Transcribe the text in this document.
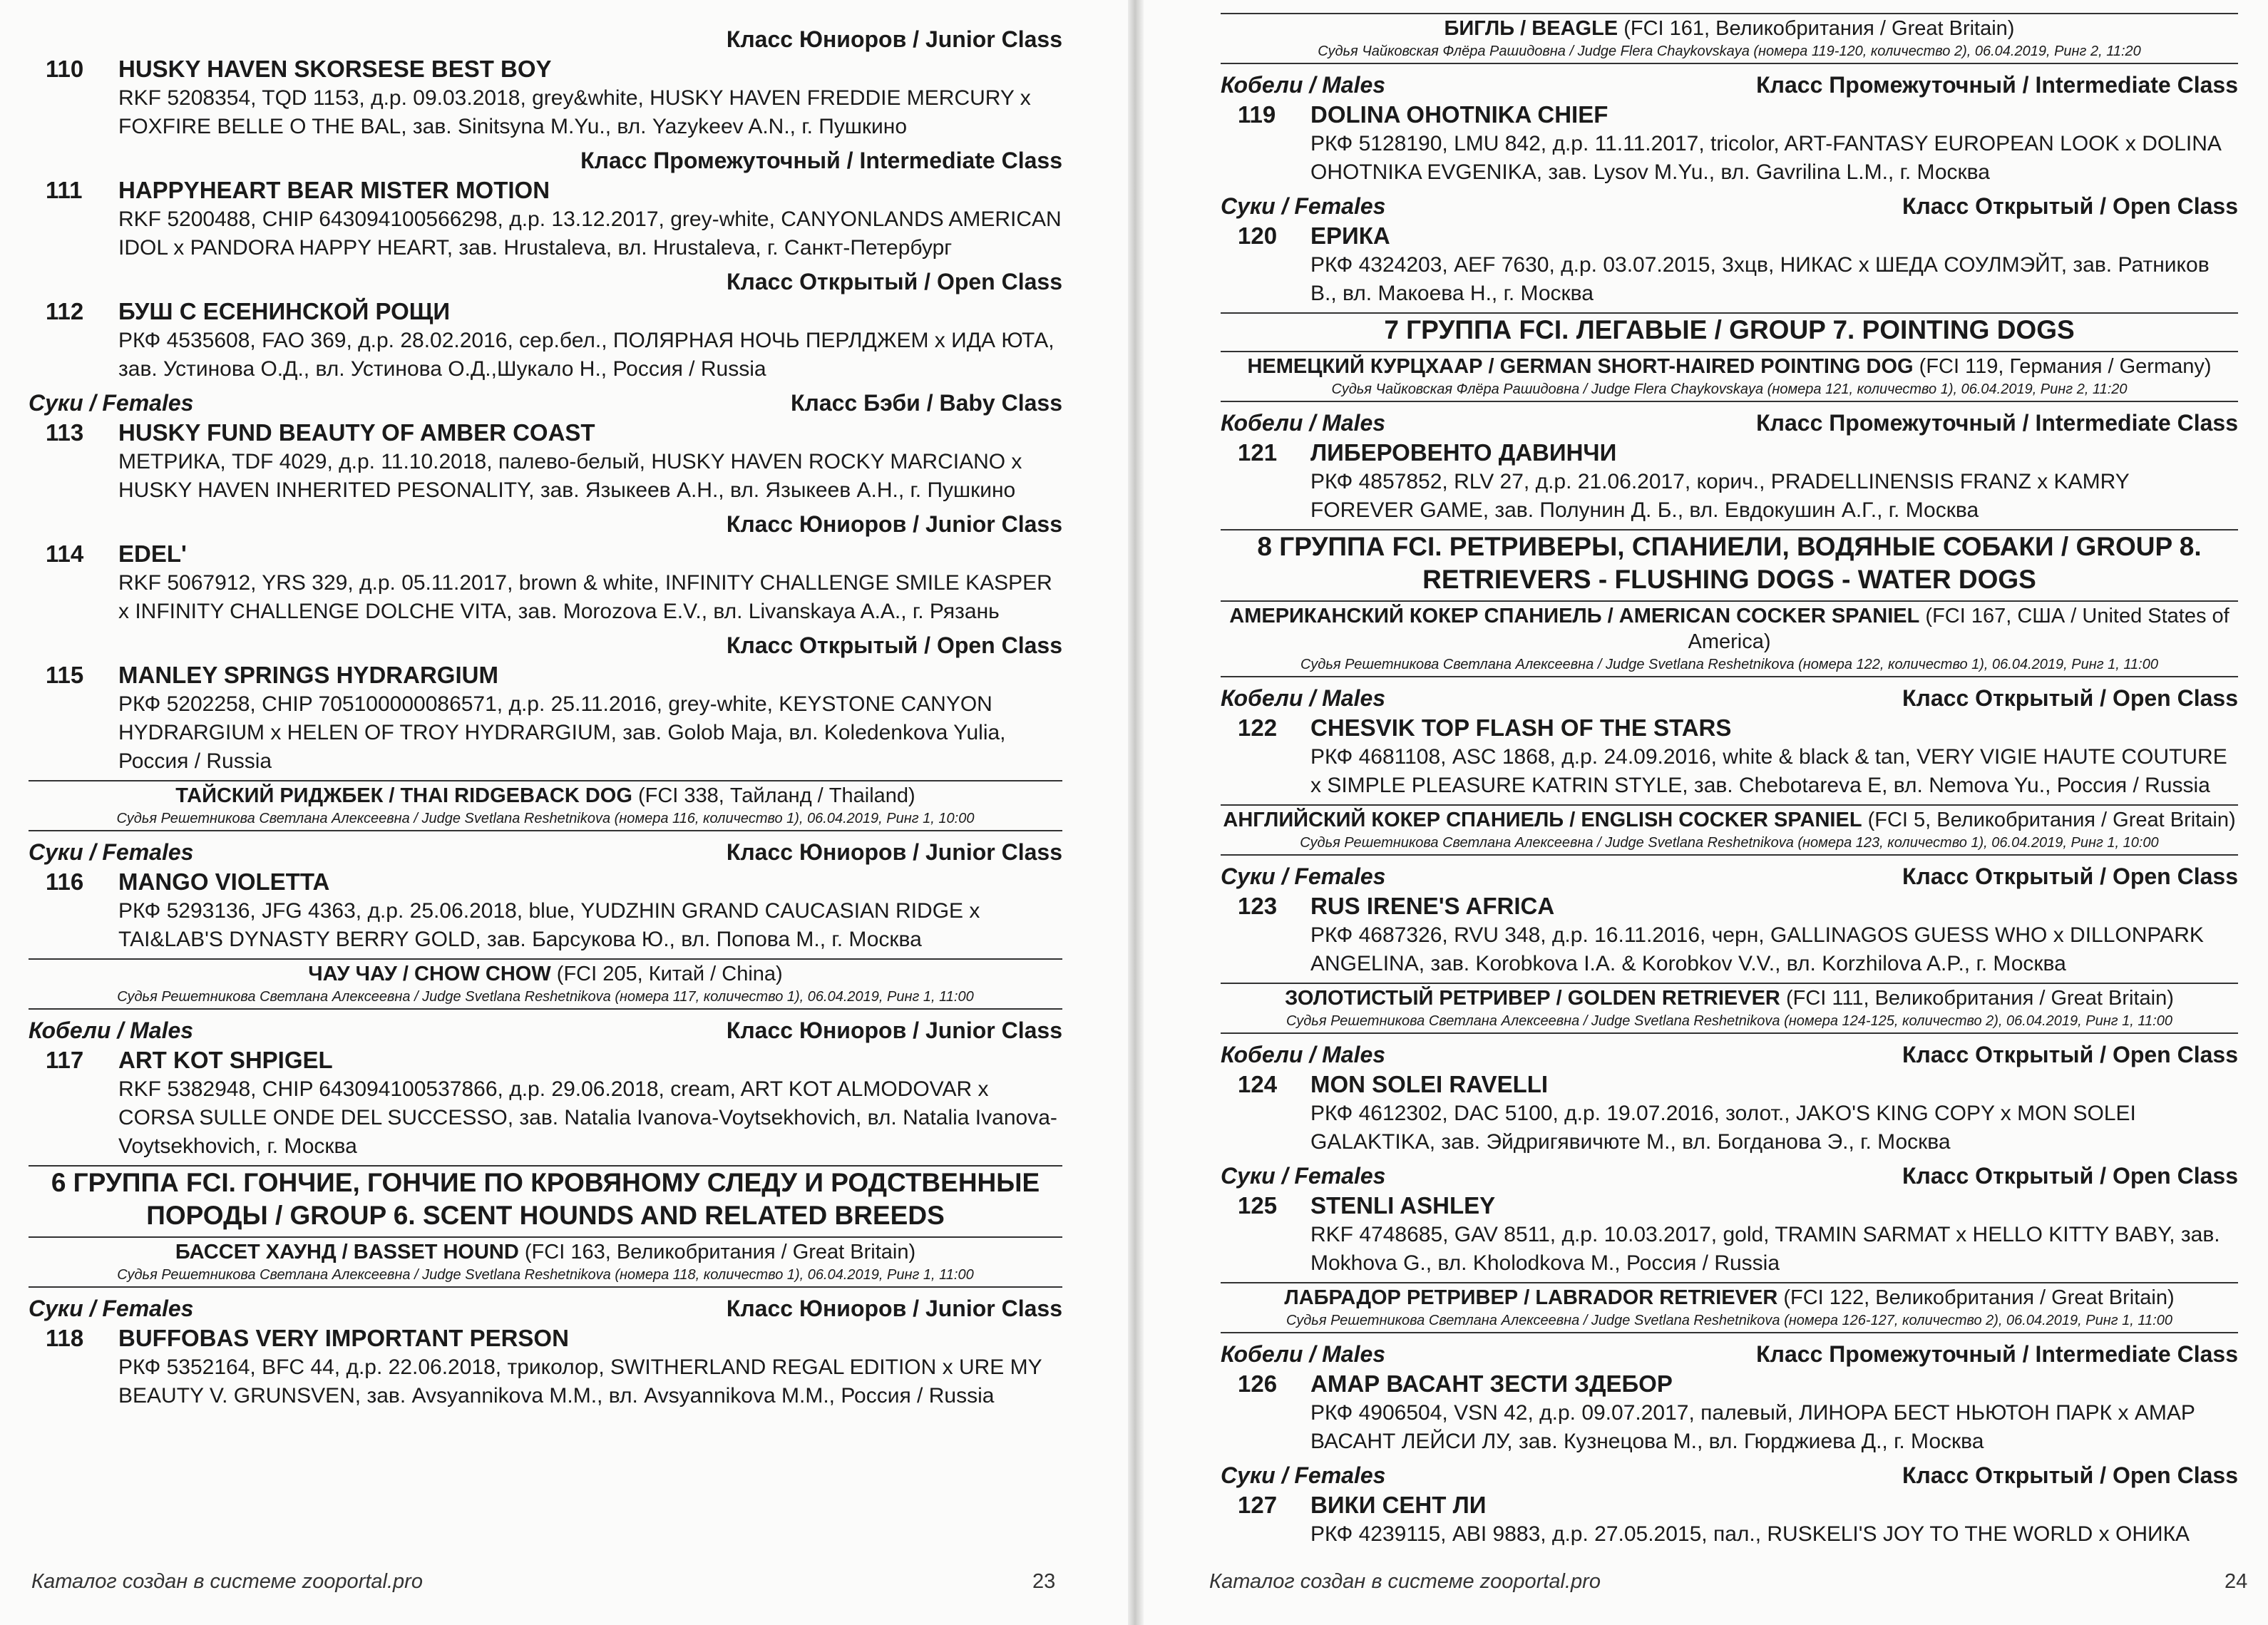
Класс Юниоров / Junior Class
110	HUSKY HAVEN SKORSESE BEST BOY
RKF 5208354, TQD 1153, д.р. 09.03.2018, grey&white, HUSKY HAVEN FREDDIE MERCURY x FOXFIRE BELLE O THE BAL, зав. Sinitsyna M.Yu., вл. Yazykeev A.N., г. Пушкино
Класс Промежуточный / Intermediate Class
111	HAPPYHEART BEAR MISTER MOTION
RKF 5200488, CHIP 643094100566298, д.р. 13.12.2017, grey-white, CANYONLANDS AMERICAN IDOL x PANDORA HAPPY HEART, зав. Hrustaleva, вл. Hrustaleva, г. Санкт-Петербург
Класс Открытый / Open Class
112	БУШ С ЕСЕНИНСКОЙ РОЩИ
РКФ 4535608, FAO 369, д.р. 28.02.2016, сер.бел., ПОЛЯРНАЯ НОЧЬ ПЕРЛДЖЕМ x ИДА ЮТА, зав. Устинова О.Д., вл. Устинова О.Д.,Шукало Н., Россия / Russia
Суки / Females	Класс Бэби / Baby Class
113	HUSKY FUND BEAUTY OF AMBER COAST
МЕТРИКА, TDF 4029, д.р. 11.10.2018, палево-белый, HUSKY HAVEN ROCKY MARCIANO x HUSKY HAVEN INHERITED PESONALITY, зав. Языкеев А.Н., вл. Языкеев А.Н., г. Пушкино
Класс Юниоров / Junior Class
114	EDEL'
RKF 5067912, YRS 329, д.р. 05.11.2017, brown & white, INFINITY CHALLENGE SMILE KASPER x INFINITY CHALLENGE DOLCHE VITA, зав. Morozova E.V., вл. Livanskaya A.A., г. Рязань
Класс Открытый / Open Class
115	MANLEY SPRINGS HYDRARGIUM
РКФ 5202258, CHIP 705100000086571, д.р. 25.11.2016, grey-white, KEYSTONE CANYON HYDRARGIUM x HELEN OF TROY HYDRARGIUM, зав. Golob Maja, вл. Koledenkova Yulia, Россия / Russia
ТАЙСКИЙ РИДЖБЕК / THAI RIDGEBACK DOG (FCI 338, Тайланд / Thailand)
Судья Решетникова Светлана Алексеевна / Judge Svetlana Reshetnikova (номера 116, количество 1), 06.04.2019, Ринг 1, 10:00
Суки / Females	Класс Юниоров / Junior Class
116	MANGO VIOLETTA
РКФ 5293136, JFG 4363, д.р. 25.06.2018, blue, YUDZHIN GRAND CAUCASIAN RIDGE x TAI&LAB'S DYNASTY BERRY GOLD, зав. Барсукова Ю., вл. Попова М., г. Москва
ЧАУ ЧАУ / CHOW CHOW (FCI 205, Китай / China)
Судья Решетникова Светлана Алексеевна / Judge Svetlana Reshetnikova (номера 117, количество 1), 06.04.2019, Ринг 1, 11:00
Кобели / Males	Класс Юниоров / Junior Class
117	ART KOT SHPIGEL
RKF 5382948, CHIP 643094100537866, д.р. 29.06.2018, cream, ART KOT ALMODOVAR x CORSA SULLE ONDE DEL SUCCESSO, зав. Natalia Ivanova-Voytsekhovich, вл. Natalia Ivanova-Voytsekhovich, г. Москва
6 ГРУППА FCI. ГОНЧИЕ, ГОНЧИЕ ПО КРОВЯНОМУ СЛЕДУ И РОДСТВЕННЫЕ ПОРОДЫ / GROUP 6. SCENT HOUNDS AND RELATED BREEDS
БАССЕТ ХАУНД / BASSET HOUND (FCI 163, Великобритания / Great Britain)
Судья Решетникова Светлана Алексеевна / Judge Svetlana Reshetnikova (номера 118, количество 1), 06.04.2019, Ринг 1, 11:00
Суки / Females	Класс Юниоров / Junior Class
118	BUFFOBAS VERY IMPORTANT PERSON
РКФ 5352164, BFC 44, д.р. 22.06.2018, триколор, SWITHERLAND REGAL EDITION x URE MY BEAUTY V. GRUNSVEN, зав. Avsyannikova M.M., вл. Avsyannikova M.M., Россия / Russia
Каталог создан в системе zooportal.pro	23
БИГЛЬ / BEAGLE (FCI 161, Великобритания / Great Britain)
Судья Чайковская Флёра Рашидовна / Judge Flera Chaykovskaya (номера 119-120, количество 2), 06.04.2019, Ринг 2, 11:20
Кобели / Males	Класс Промежуточный / Intermediate Class
119	DOLINA OHOTNIKA CHIEF
РКФ 5128190, LMU 842, д.р. 11.11.2017, tricolor, ART-FANTASY EUROPEAN LOOK x DOLINA OHOTNIKA EVGENIKA, зав. Lysov M.Yu., вл. Gavrilina L.M., г. Москва
Суки / Females	Класс Открытый / Open Class
120	ЕРИКА
РКФ 4324203, AEF 7630, д.р. 03.07.2015, 3хцв, НИКАС x ШЕДА СОУЛМЭЙТ, зав. Ратников В., вл. Макоева Н., г. Москва
7 ГРУППА FCI. ЛЕГАВЫЕ / GROUP 7. POINTING DOGS
НЕМЕЦКИЙ КУРЦХААР / GERMAN SHORT-HAIRED POINTING DOG (FCI 119, Германия / Germany)
Судья Чайковская Флёра Рашидовна / Judge Flera Chaykovskaya (номера 121, количество 1), 06.04.2019, Ринг 2, 11:20
Кобели / Males	Класс Промежуточный / Intermediate Class
121	ЛИБЕРОВЕНТО ДАВИНЧИ
РКФ 4857852, RLV 27, д.р. 21.06.2017, корич., PRADELLINENSIS FRANZ x KAMRY FOREVER GAME, зав. Полунин Д. Б., вл. Евдокушин А.Г., г. Москва
8 ГРУППА FCI. РЕТРИВЕРЫ, СПАНИЕЛИ, ВОДЯНЫЕ СОБАКИ / GROUP 8. RETRIEVERS - FLUSHING DOGS - WATER DOGS
АМЕРИКАНСКИЙ КОКЕР СПАНИЕЛЬ / AMERICAN COCKER SPANIEL (FCI 167, США / United States of America)
Судья Решетникова Светлана Алексеевна / Judge Svetlana Reshetnikova (номера 122, количество 1), 06.04.2019, Ринг 1, 11:00
Кобели / Males	Класс Открытый / Open Class
122	CHESVIK TOP FLASH OF THE STARS
РКФ 4681108, ASC 1868, д.р. 24.09.2016, white & black & tan, VERY VIGIE HAUTE COUTURE x SIMPLE PLEASURE KATRIN STYLE, зав. Chebotareva E, вл. Nemova Yu., Россия / Russia
АНГЛИЙСКИЙ КОКЕР СПАНИЕЛЬ / ENGLISH COCKER SPANIEL (FCI 5, Великобритания / Great Britain)
Судья Решетникова Светлана Алексеевна / Judge Svetlana Reshetnikova (номера 123, количество 1), 06.04.2019, Ринг 1, 10:00
Суки / Females	Класс Открытый / Open Class
123	RUS IRENE'S AFRICA
РКФ 4687326, RVU 348, д.р. 16.11.2016, черн, GALLINAGOS GUESS WHO x DILLONPARK ANGELINA, зав. Korobkova I.A. & Korobkov V.V., вл. Korzhilova A.P., г. Москва
ЗОЛОТИСТЫЙ РЕТРИВЕР / GOLDEN RETRIEVER (FCI 111, Великобритания / Great Britain)
Судья Решетникова Светлана Алексеевна / Judge Svetlana Reshetnikova (номера 124-125, количество 2), 06.04.2019, Ринг 1, 11:00
Кобели / Males	Класс Открытый / Open Class
124	MON SOLEI RAVELLI
РКФ 4612302, DAC 5100, д.р. 19.07.2016, золот., JAKO'S KING COPY x MON SOLEI GALAKTIKA, зав. Эйдригявичюте М., вл. Богданова Э., г. Москва
Суки / Females	Класс Открытый / Open Class
125	STENLI ASHLEY
RKF 4748685, GAV 8511, д.р. 10.03.2017, gold, TRAMIN SARMAT x HELLO KITTY BABY, зав. Mokhova G., вл. Kholodkova M., Россия / Russia
ЛАБРАДОР РЕТРИВЕР / LABRADOR RETRIEVER (FCI 122, Великобритания / Great Britain)
Судья Решетникова Светлана Алексеевна / Judge Svetlana Reshetnikova (номера 126-127, количество 2), 06.04.2019, Ринг 1, 11:00
Кобели / Males	Класс Промежуточный / Intermediate Class
126	АМАР ВАСАНТ ЗЕСТИ ЗДЕБОР
РКФ 4906504, VSN 42, д.р. 09.07.2017, палевый, ЛИНОРА БЕСТ НЬЮТОН ПАРК x АМАР ВАСАНТ ЛЕЙСИ ЛУ, зав. Кузнецова М., вл. Гюрджиева Д., г. Москва
Суки / Females	Класс Открытый / Open Class
127	ВИКИ СЕНТ ЛИ
РКФ 4239115, ABI 9883, д.р. 27.05.2015, пал., RUSKELI'S JOY TO THE WORLD x ОНИКА
Каталог создан в системе zooportal.pro	24
